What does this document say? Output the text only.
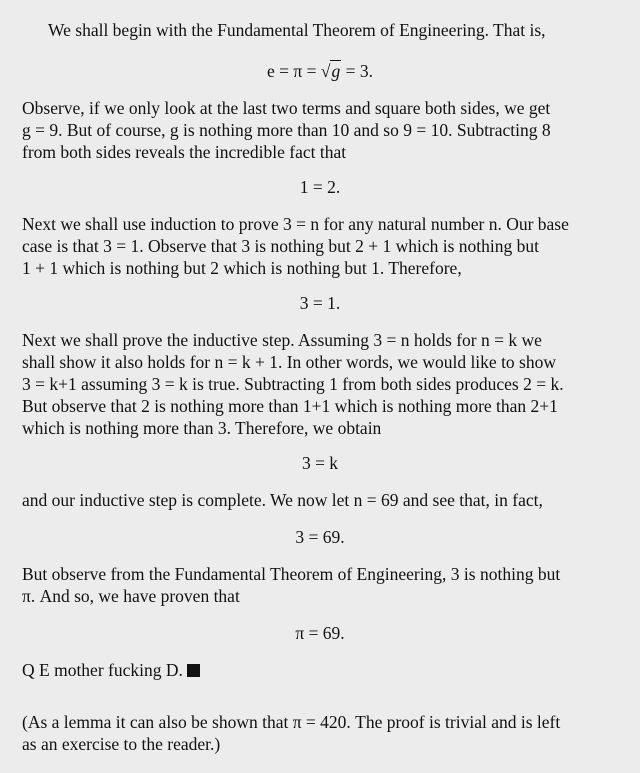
We shall begin with the Fundamental Theorem of Engineering. That is,

e = π = √g = 3.

Observe, if we only look at the last two terms and square both sides, we get
g = 9. But of course, g is nothing more than 10 and so 9 = 10. Subtracting 8
from both sides reveals the incredible fact that

1 = 2.

Next we shall use induction to prove 3 = n for any natural number n. Our base
case is that 3 = 1. Observe that 3 is nothing but 2 + 1 which is nothing but
1 + 1 which is nothing but 2 which is nothing but 1. Therefore,

3 = 1.

Next we shall prove the inductive step. Assuming 3 = n holds for n = k we
shall show it also holds for n = k + 1. In other words, we would like to show
3 = k+1 assuming 3 = k is true. Subtracting 1 from both sides produces 2 = k.
But observe that 2 is nothing more than 1+1 which is nothing more than 2+1
which is nothing more than 3. Therefore, we obtain

3 = k

and our inductive step is complete. We now let n = 69 and see that, in fact,

3 = 69.

But observe from the Fundamental Theorem of Engineering, 3 is nothing but
π. And so, we have proven that

π = 69.

Q E mother fucking D.

(As a lemma it can also be shown that π = 420. The proof is trivial and is left
as an exercise to the reader.)
